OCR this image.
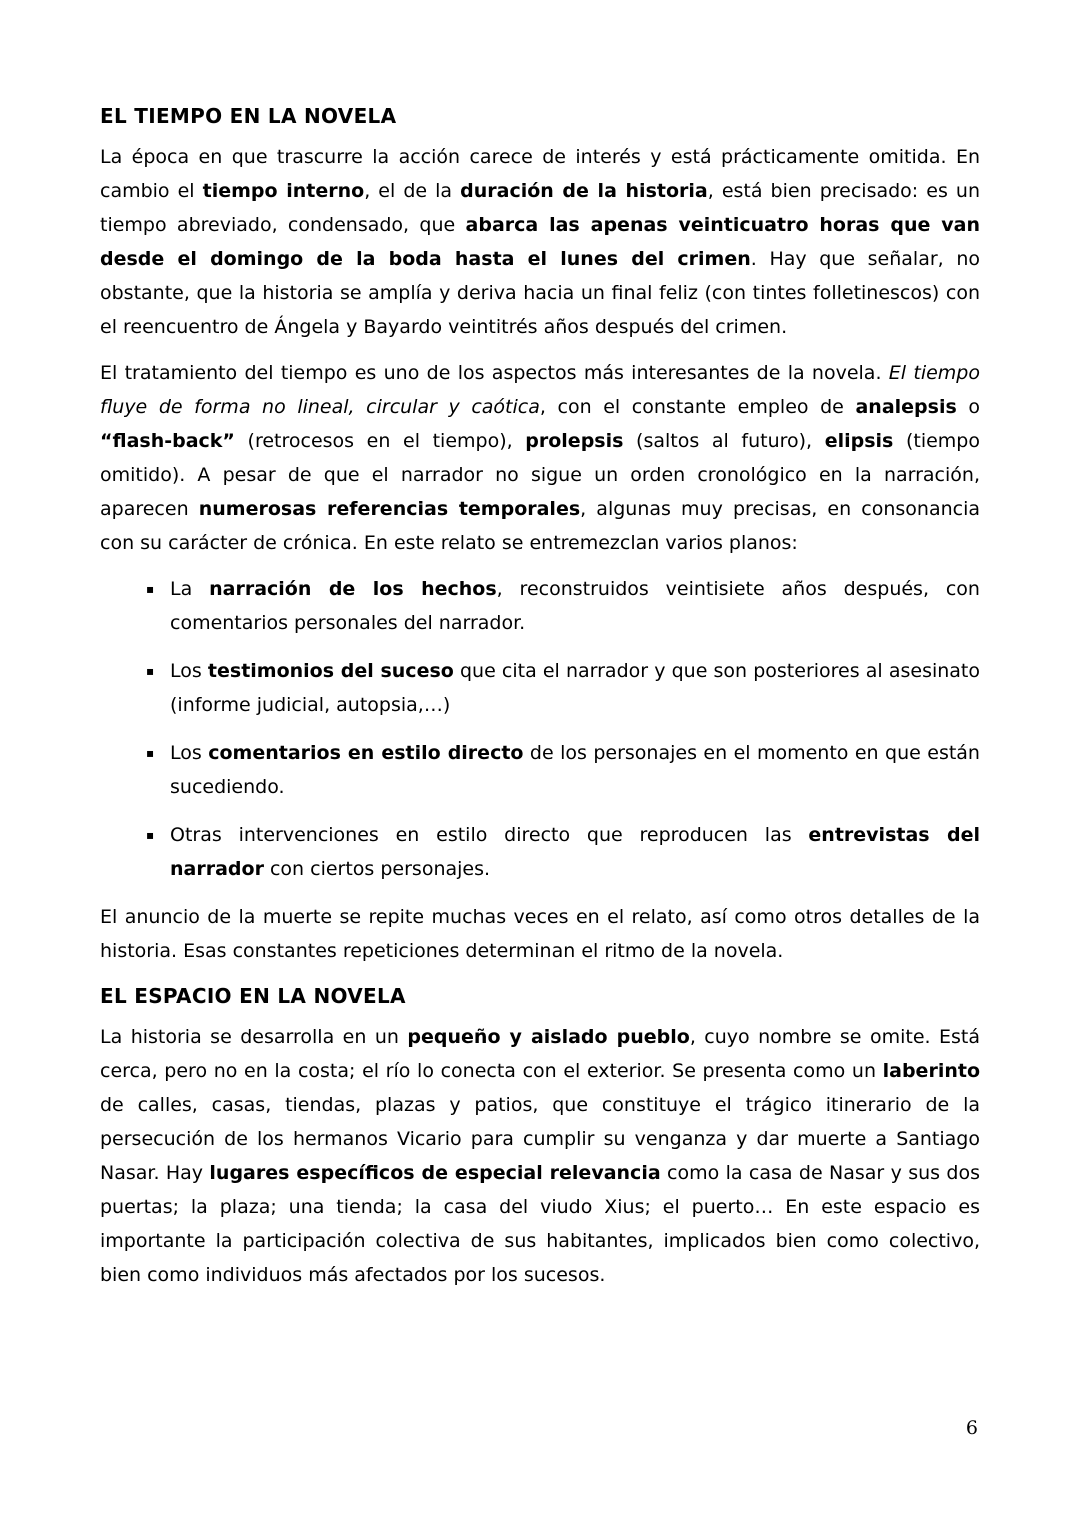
EL TIEMPO EN LA NOVELA

La época en que trascurre la acción carece de interés y está prácticamente omitida. En cambio el tiempo interno, el de la duración de la historia, está bien precisado: es un tiempo abreviado, condensado, que abarca las apenas veinticuatro horas que van desde el domingo de la boda hasta el lunes del crimen. Hay que señalar, no obstante, que la historia se amplía y deriva hacia un final feliz (con tintes folletinescos) con el reencuentro de Ángela y Bayardo veintitrés años después del crimen.

El tratamiento del tiempo es uno de los aspectos más interesantes de la novela. El tiempo fluye de forma no lineal, circular y caótica, con el constante empleo de analepsis o “flash-back” (retrocesos en el tiempo), prolepsis (saltos al futuro), elipsis (tiempo omitido). A pesar de que el narrador no sigue un orden cronológico en la narración, aparecen numerosas referencias temporales, algunas muy precisas, en consonancia con su carácter de crónica. En este relato se entremezclan varios planos:

▪ La narración de los hechos, reconstruidos veintisiete años después, con comentarios personales del narrador.
▪ Los testimonios del suceso que cita el narrador y que son posteriores al asesinato (informe judicial, autopsia,…)
▪ Los comentarios en estilo directo de los personajes en el momento en que están sucediendo.
▪ Otras intervenciones en estilo directo que reproducen las entrevistas del narrador con ciertos personajes.

El anuncio de la muerte se repite muchas veces en el relato, así como otros detalles de la historia. Esas constantes repeticiones determinan el ritmo de la novela.

EL ESPACIO EN LA NOVELA

La historia se desarrolla en un pequeño y aislado pueblo, cuyo nombre se omite. Está cerca, pero no en la costa; el río lo conecta con el exterior. Se presenta como un laberinto de calles, casas, tiendas, plazas y patios, que constituye el trágico itinerario de la persecución de los hermanos Vicario para cumplir su venganza y dar muerte a Santiago Nasar. Hay lugares específicos de especial relevancia como la casa de Nasar y sus dos puertas; la plaza; una tienda; la casa del viudo Xius; el puerto… En este espacio es importante la participación colectiva de sus habitantes, implicados bien como colectivo, bien como individuos más afectados por los sucesos.

6
